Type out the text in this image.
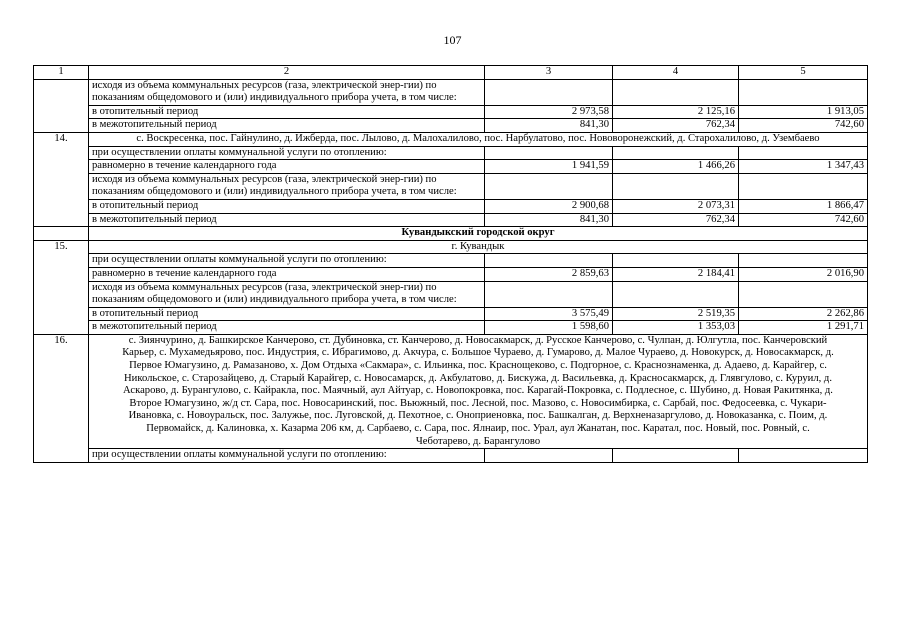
107
1	2	3	4	5
	исходя из объема коммунальных ресурсов (газа, электрической энер-гии) по показаниям общедомового и (или) индивидуального прибора учета, в том числе:			
	в отопительный период	2 973,58	2 125,16	1 913,05
	в межотопительный период	841,30	762,34	742,60
14.	с. Воскресенка, пос. Гайнулино, д. Ижберда, пос. Лылово, д. Малохалилово, пос. Нарбулатово, пос. Нововоронежский, д. Старохалилово, д. Узембаево			
	при осуществлении оплаты коммунальной услуги по отоплению:			
	равномерно в течение календарного года	1 941,59	1 466,26	1 347,43
	исходя из объема коммунальных ресурсов (газа, электрической энер-гии) по показаниям общедомового и (или) индивидуального прибора учета, в том числе:			
	в отопительный период	2 900,68	2 073,31	1 866,47
	в межотопительный период	841,30	762,34	742,60
	Кувандыкский городской округ			
15.	г. Кувандык			
	при осуществлении оплаты коммунальной услуги по отоплению:			
	равномерно в течение календарного года	2 859,63	2 184,41	2 016,90
	исходя из объема коммунальных ресурсов (газа, электрической энер-гии) по показаниям общедомового и (или) индивидуального прибора учета, в том числе:			
	в отопительный период	3 575,49	2 519,35	2 262,86
	в межотопительный период	1 598,60	1 353,03	1 291,71
16.	с. Зиянчурино, д. Башкирское Канчерово, ст. Дубиновка, ст. Канчерово, д. Новосакмарск, д. Русское Канчерово, с. Чулпан, д. Юлгутла, пос. Канчеровский Карьер, с. Мухамедьярово, пос. Индустрия, с. Ибрагимово, д. Акчура, с. Большое Чураево, д. Гумарово, д. Малое Чураево, д. Новокурск, д. Новосакмарск, д. Первое Юмагузино, д. Рамазаново, х. Дом Отдыха «Сакмара», с. Ильинка, пос. Краснощеково, с. Подгорное, с. Краснознаменка, д. Адаево, д. Карайгер, с. Никольское, с. Старозайцево, д. Старый Карайгер, с. Новосамарск, д. Акбулатово, д. Бискужа, д. Васильевка, д. Красносакмарск, д. Глявгулово, с. Куруил, д. Аскарово, д. Бурангулово, с. Кайракла, пос. Маячный, аул Айтуар, с. Новопокровка, пос. Карагай-Покровка, с. Подлесное, с. Шубино, д. Новая Ракитянка, д. Второе Юмагузино, ж/д ст. Сара, пос. Новосаринский, пос. Вьюжный, пос. Лесной, пос. Мазово, с. Новосимбирка, с. Сарбай, пос. Федосеевка, с. Чукари-Ивановка, с. Новоуральск, пос. Залужье, пос. Луговской, д. Пехотное, с. Оноприеновка, пос. Башкалган, д. Верхненазаргулово, д. Новоказанка, с. Поим, д. Первомайск, д. Калиновка, х. Казарма 206 км, д. Сарбаево, с. Сара, пос. Ялнаир, пос. Урал, аул Жанатан, пос. Каратал, пос. Новый, пос. Ровный, с. Чеботарево, д. Барангулово			
	при осуществлении оплаты коммунальной услуги по отоплению:			
